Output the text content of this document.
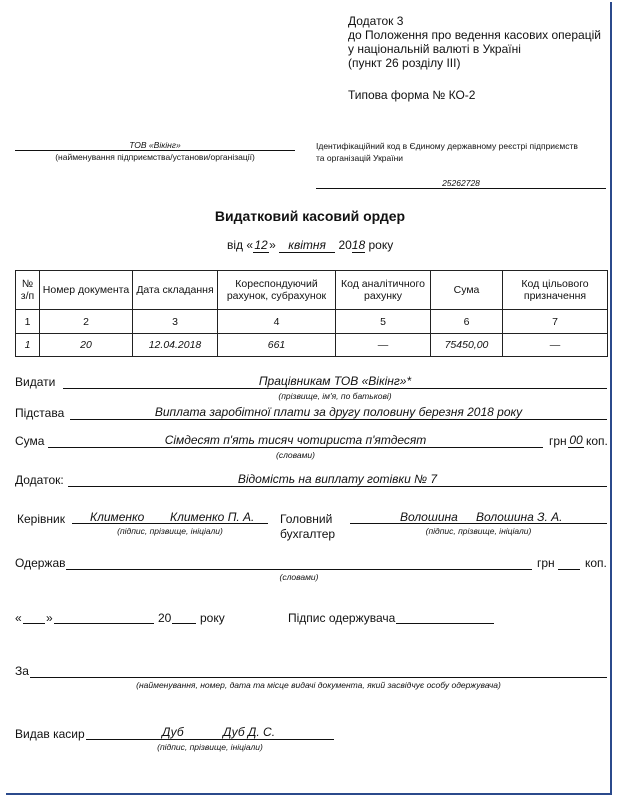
Додаток 3
до Положення про ведення касових операцій
у національній валюті в Україні
(пункт 26 розділу ІІІ)
Типова форма № КО-2
ТОВ «Вікінг»
(найменування підприємства/установи/організації)
Ідентифікаційний код в Єдиному державному реєстрі підприємств
та організацій України
25262728
Видатковий касовий ордер
від «12» квітня 2018 року
№ з/п	Номер документа	Дата складання	Кореспондуючий рахунок, субрахунок	Код аналітичного рахунку	Сума	Код цільового призначення
1	2	3	4	5	6	7
1	20	12.04.2018	661	—	75450,00	—
Видати	Працівникам ТОВ «Вікінг»*
(прізвище, ім'я, по батькові)
Підстава	Виплата заробітної плати за другу половину березня 2018 року
Сума	Сімдесят п'ять тисяч чотириста п'ятдесят	грн 00 коп.
(словами)
Додаток:	Відомість на виплату готівки № 7
Керівник Клименко Клименко П. А.
(підпис, прізвище, ініціали)
Головний
бухгалтер
Волошина Волошина З. А.
(підпис, прізвище, ініціали)
Одержав	грн	коп.
(словами)
« »	20 року	Підпис одержувача
За
(найменування, номер, дата та місце видачі документа, який засвідчує особу одержувача)
Видав касир	Дуб	Дуб Д. С.
(підпис, прізвище, ініціали)
